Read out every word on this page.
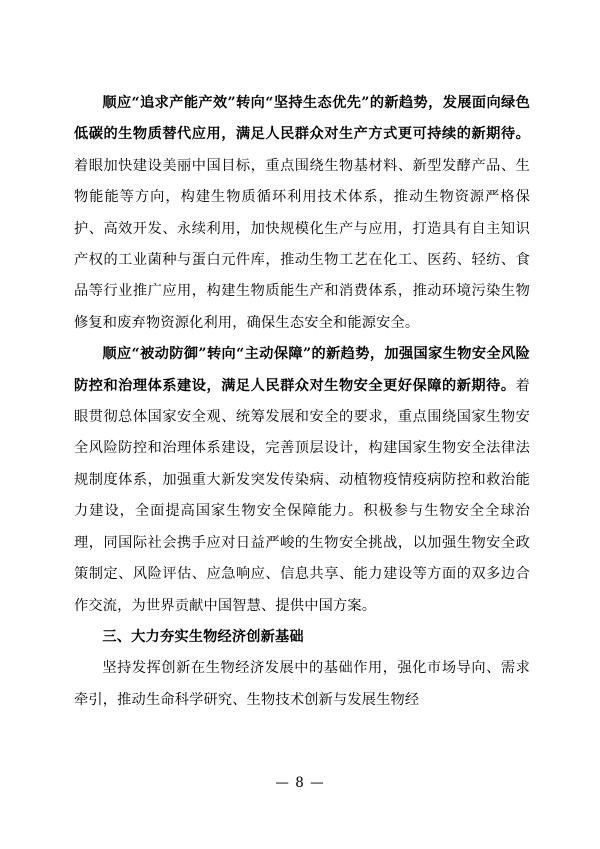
顺应“追求产能产效”转向“坚持生态优先”的新趋势，发展面向绿色低碳的生物质替代应用，满足人民群众对生产方式更可持续的新期待。着眼加快建设美丽中国目标，重点围绕生物基材料、新型发酵产品、生物能能等方向，构建生物质循环利用技术体系，推动生物资源严格保护、高效开发、永续利用，加快规模化生产与应用，打造具有自主知识产权的工业菌种与蛋白元件库，推动生物工艺在化工、医药、轻纺、食品等行业推广应用，构建生物质能生产和消费体系，推动环境污染生物修复和废弃物资源化利用，确保生态安全和能源安全。

顺应“被动防御”转向“主动保障”的新趋势，加强国家生物安全风险防控和治理体系建设，满足人民群众对生物安全更好保障的新期待。着眼贯彻总体国家安全观、统筹发展和安全的要求，重点围绕国家生物安全风险防控和治理体系建设，完善顶层设计，构建国家生物安全法律法规制度体系，加强重大新发突发传染病、动植物疫情疫病防控和救治能力建设，全面提高国家生物安全保障能力。积极参与生物安全全球治理，同国际社会携手应对日益严峻的生物安全挑战，以加强生物安全政策制定、风险评估、应急响应、信息共享、能力建设等方面的双多边合作交流，为世界贡献中国智慧、提供中国方案。

三、大力夯实生物经济创新基础

坚持发挥创新在生物经济发展中的基础作用，强化市场导向、需求牵引，推动生命科学研究、生物技术创新与发展生物经

— 8 —
